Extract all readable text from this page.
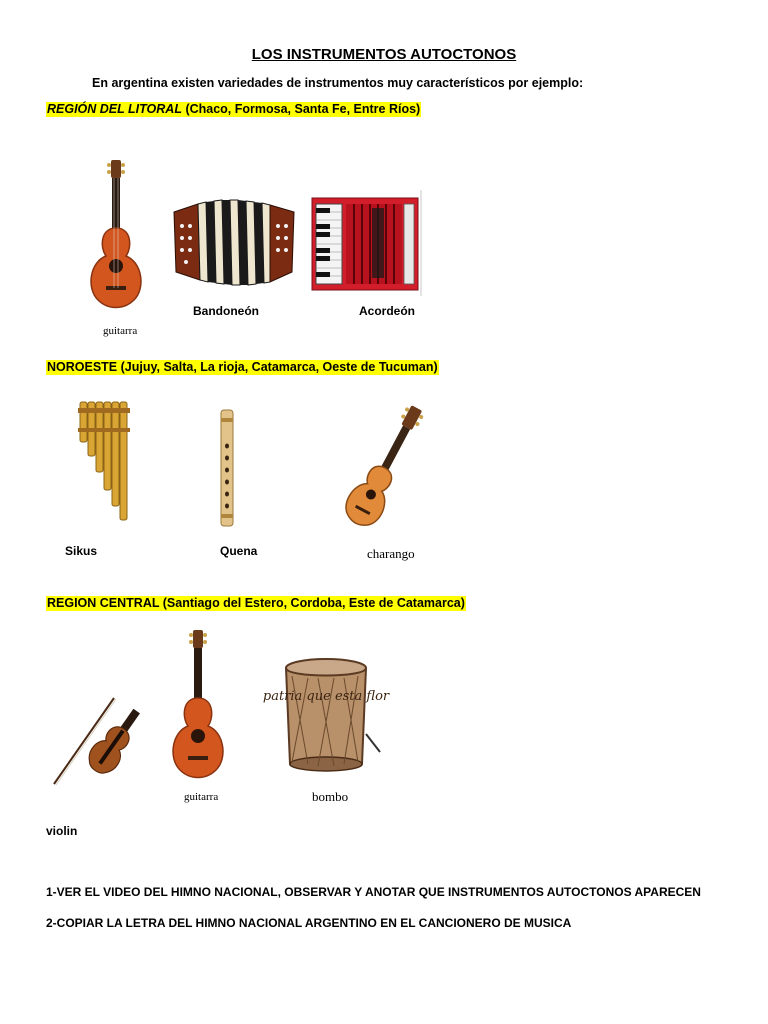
LOS INSTRUMENTOS AUTOCTONOS
En argentina existen variedades de instrumentos muy característicos por ejemplo:
REGIÓN DEL LITORAL (Chaco, Formosa, Santa Fe, Entre Ríos)
guitarra
Bandoneón	Acordeón
NOROESTE (Jujuy, Salta, La rioja, Catamarca, Oeste de Tucuman)
Sikus	Quena	charango
REGION CENTRAL (Santiago del Estero, Cordoba, Este de Catamarca)
violin
guitarra
patria que esta flor
bombo
1-VER EL VIDEO DEL HIMNO NACIONAL, OBSERVAR Y ANOTAR QUE INSTRUMENTOS AUTOCTONOS APARECEN
2-COPIAR LA LETRA DEL HIMNO NACIONAL ARGENTINO EN EL CANCIONERO DE MUSICA
